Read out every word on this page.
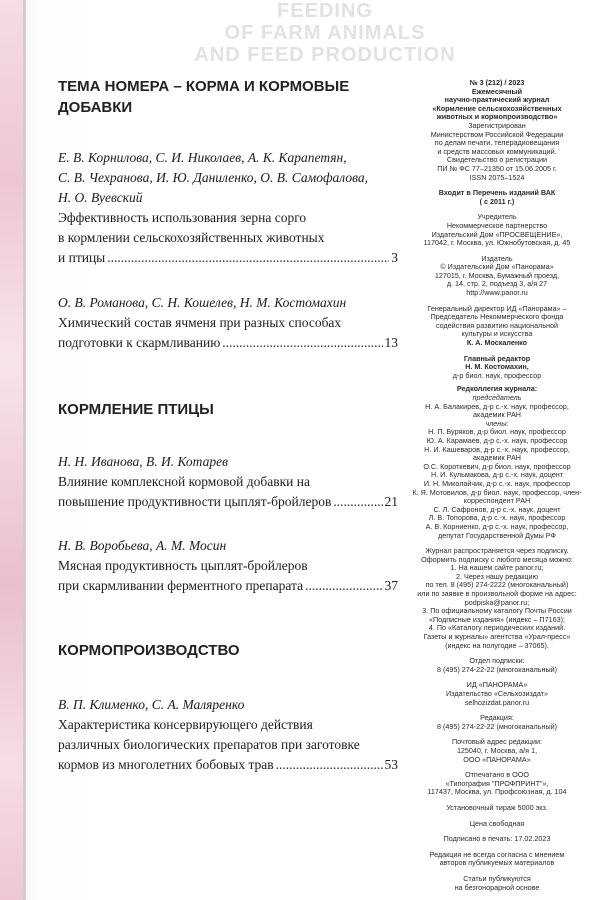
FEEDING
OF FARM ANIMALS
AND FEED PRODUCTION

ТЕМА НОМЕРА – КОРМА И КОРМОВЫЕ ДОБАВКИ

Е. В. Корнилова, С. И. Николаев, А. К. Карапетян,

С. В. Чехранова, И. Ю. Даниленко, О. В. Самофалова,

Н. О. Вуевский

Эффективность использования зерна сорго

в кормлении сельскохозяйственных животных

и птицы .....	3

О. В. Романова, С. Н. Кошелев, Н. М. Костомахин

Химический состав ячменя при разных способах

подготовки к скармливанию .....	13

КОРМЛЕНИЕ ПТИЦЫ

Н. Н. Иванова, В. И. Котарев

Влияние комплексной кормовой добавки на

повышение продуктивности цыплят-бройлеров .....	21

Н. В. Воробьева, А. М. Мосин

Мясная продуктивность цыплят-бройлеров

при скармливании ферментного препарата .....	37

КОРМОПРОИЗВОДСТВО

В. П. Клименко, С. А. Маляренко

Характеристика консервирующего действия

различных биологических препаратов при заготовке

кормов из многолетних бобовых трав .....	53

№ 3 (212) / 2023

Ежемесячный

научно-практический журнал

«Кормление сельскохозяйственных

животных и кормопроизводство»

Зарегистрирован

Министерством Российской Федерации

по делам печати, телерадиовещания

и средств массовых коммуникаций.

Свидетельство о регистрации

ПИ № ФС 77–21350 от 15.06.2005 г.

ISSN 2075–1524

Входит в Перечень изданий ВАК

( с 2011 г.)

Учредитель

Некоммерческое партнерство

Издательский Дом «ПРОСВЕЩЕНИЕ»,

117042, г. Москва, ул. Южнобутовская, д. 45

Издатель

© Издательский Дом «Панорама»

127015, г. Москва, Бумажный проезд,

д. 14, стр. 2, подъезд 3, а/я 27

http://www.panor.ru

Генеральный директор ИД «Панорама» –

Председатель Некоммерческого фонда

содействия развитию национальной

культуры и искусства

К. А. Москаленко

Главный редактор

Н. М. Костомахин,

д-р биол. наук, профессор

Редколлегия журнала:

председатель

Н. А. Балакирев, д-р с.-х. наук, профессор, академик РАН

члены:

Н. П. Буряков, д-р биол. наук, профессор

Ю. А. Карамаев, д-р с.-х. наук, профессор

Н. И. Кашеваров, д-р с.-х. наук, профессор, академик РАН

О.С. Короткевич, д-р биол. наук, профессор

Н. И. Кульмакова, д-р с.-х. наук, доцент

И. Н. Миколайчик, д-р с.-х. наук, профессор

К. Я. Мотовилов, д-р биол. наук, профессор, член-корреспондент РАН

С. Л. Сафронов, д-р с.-х. наук, доцент

Л. В. Топорова, д-р с.-х. наук, профессор

А. В. Корниенко, д-р с.-х. наук, профессор, депутат Государственной Думы РФ

Журнал распространяется через подписку.

Оформить подписку с любого месяца можно:

1. На нашем сайте panor.ru;

2. Через нашу редакцию

по тел. 8 (495) 274-2222 (многоканальный)

или по заявке в произвольной форме на адрес:

podpiska@panor.ru;

3. По официальному каталогу Почты России

«Подписные издания» (индекс – П7163);

4. По «Каталогу периодических изданий.

Газеты и журналы» агентства «Урал-пресс»

(индекс на полугодие – 37065).

Отдел подписки:

8 (495) 274-22-22 (многоканальный)

ИД «ПАНОРАМА»

Издательство «Сельхозиздат»

selhozizdat.panor.ru

Редакция:

8 (495) 274-22-22 (многоканальный)

Почтовый адрес редакции:

125040, г. Москва, а/я 1,

ООО «ПАНОРАМА»

Отпечатано в ООО

«Типография "ПРОФПРИНТ"»,

117437, Москва, ул. Профсоюзная, д. 104

Установочный тираж 5000 экз.

Цена свободная

Подписано в печать: 17.02.2023

Редакция не всегда согласна с мнением

авторов публикуемых материалов

Статьи публикуются

на безгонорарной основе
